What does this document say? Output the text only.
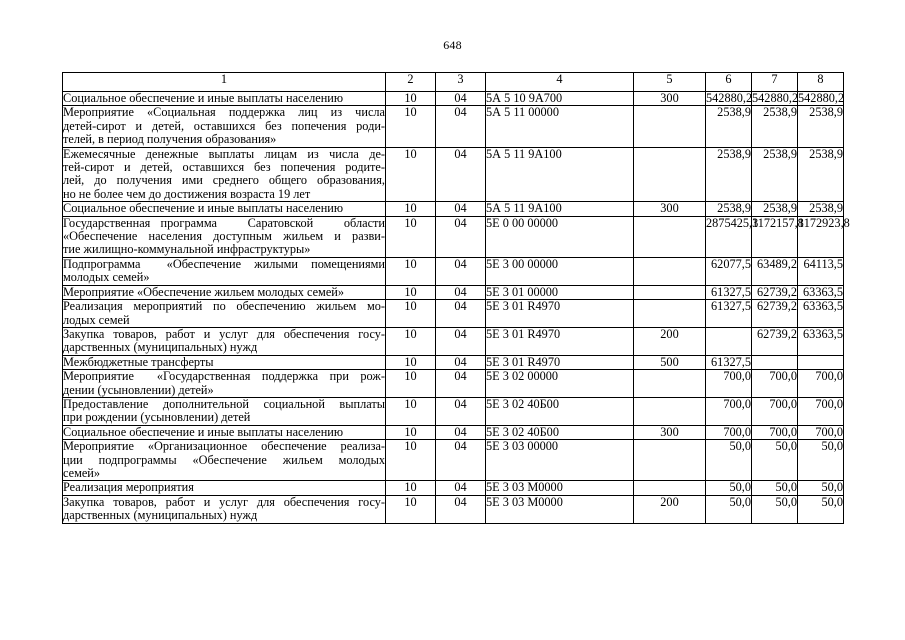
648
1	2	3	4	5	6	7	8

Социальное обеспечение и иные выплаты населению	10	04	5А 5 10 9А700	300	542880,2	542880,2	542880,2

Мероприятие «Социальная поддержка лиц из числа
детей-сирот и детей, оставшихся без попечения роди-
телей, в период получения образования»	10	04	5А 5 11 00000		2538,9	2538,9	2538,9

Ежемесячные денежные выплаты лицам из числа де-
тей-сирот и детей, оставшихся без попечения родите-
лей, до получения ими среднего общего образования,
но не более чем до достижения возраста 19 лет	10	04	5А 5 11 9А100		2538,9	2538,9	2538,9

Социальное обеспечение и иные выплаты населению	10	04	5А 5 11 9А100	300	2538,9	2538,9	2538,9

Государственная программа   Саратовской   области
«Обеспечение населения доступным жильем и разви-
тие жилищно-коммунальной инфраструктуры»	10	04	5Е 0 00 00000		2875425,3	1172157,8	1172923,8

Подпрограмма  «Обеспечение жилыми помещениями
молодых семей»	10	04	5Е 3 00 00000		62077,5	63489,2	64113,5

Мероприятие «Обеспечение жильем молодых семей»	10	04	5Е 3 01 00000		61327,5	62739,2	63363,5

Реализация мероприятий по обеспечению жильем мо-
лодых семей	10	04	5Е 3 01 R4970		61327,5	62739,2	63363,5

Закупка товаров, работ и услуг для обеспечения госу-
дарственных (муниципальных) нужд	10	04	5Е 3 01 R4970	200		62739,2	63363,5

Межбюджетные трансферты	10	04	5Е 3 01 R4970	500	61327,5		

Мероприятие  «Государственная поддержка при рож-
дении (усыновлении) детей»	10	04	5Е 3 02 00000		700,0	700,0	700,0

Предоставление дополнительной социальной выплаты
при рождении (усыновлении) детей	10	04	5Е 3 02 40Б00		700,0	700,0	700,0

Социальное обеспечение и иные выплаты населению	10	04	5Е 3 02 40Б00	300	700,0	700,0	700,0

Мероприятие «Организационное обеспечение реализа-
ции  подпрограммы  «Обеспечение  жильем  молодых
семей»	10	04	5Е 3 03 00000		50,0	50,0	50,0

Реализация мероприятия	10	04	5Е 3 03 М0000		50,0	50,0	50,0

Закупка товаров, работ и услуг для обеспечения госу-
дарственных (муниципальных) нужд	10	04	5Е 3 03 М0000	200	50,0	50,0	50,0
